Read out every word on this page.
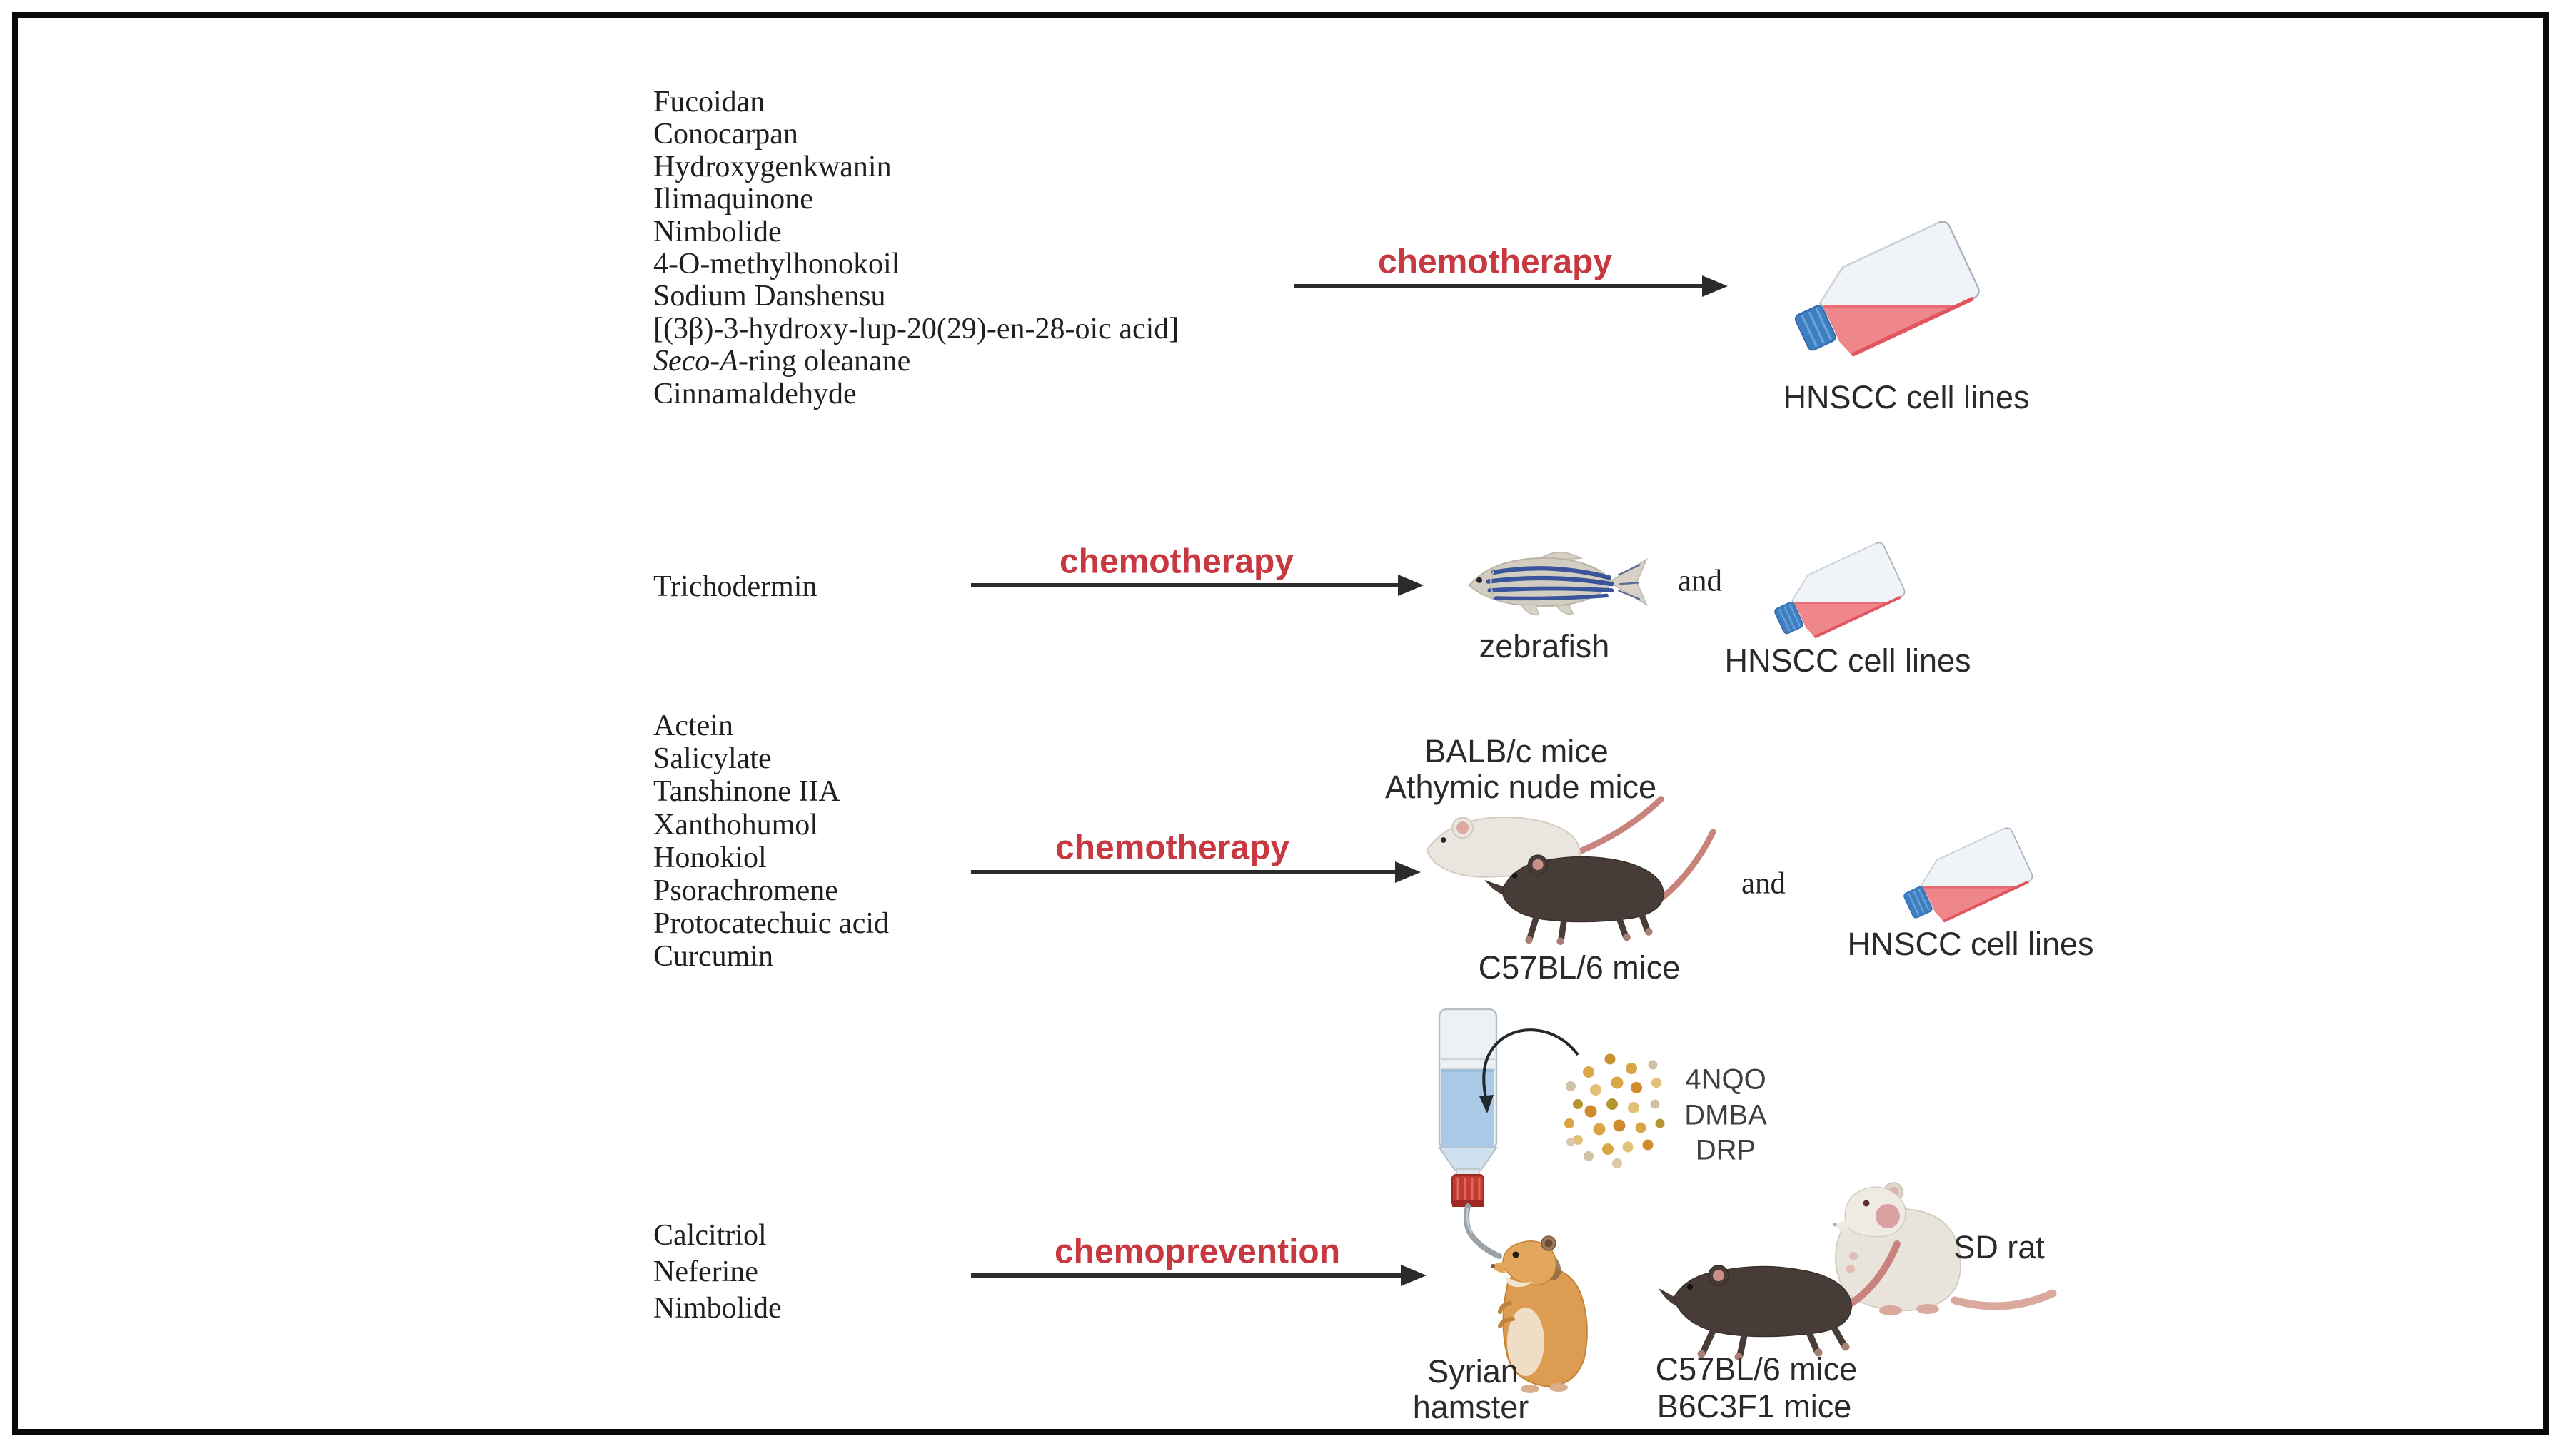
Fucoidan
Conocarpan
Hydroxygenkwanin
Ilimaquinone
Nimbolide
4-O-methylhonokoil
Sodium Danshensu
[(3β)-3-hydroxy-lup-20(29)-en-28-oic acid]
Seco-A-ring oleanane
Cinnamaldehyde
chemotherapy
HNSCC cell lines
Trichodermin
chemotherapy
zebrafish
and
HNSCC cell lines
Actein
Salicylate
Tanshinone IIA
Xanthohumol
Honokiol
Psorachromene
Protocatechuic acid
Curcumin
chemotherapy
BALB/c mice
Athymic nude mice
C57BL/6 mice
and
HNSCC cell lines
Calcitriol
Neferine
Nimbolide
chemoprevention
4NQO
DMBA
DRP
Syrian
hamster
C57BL/6 mice
B6C3F1 mice
SD rat
